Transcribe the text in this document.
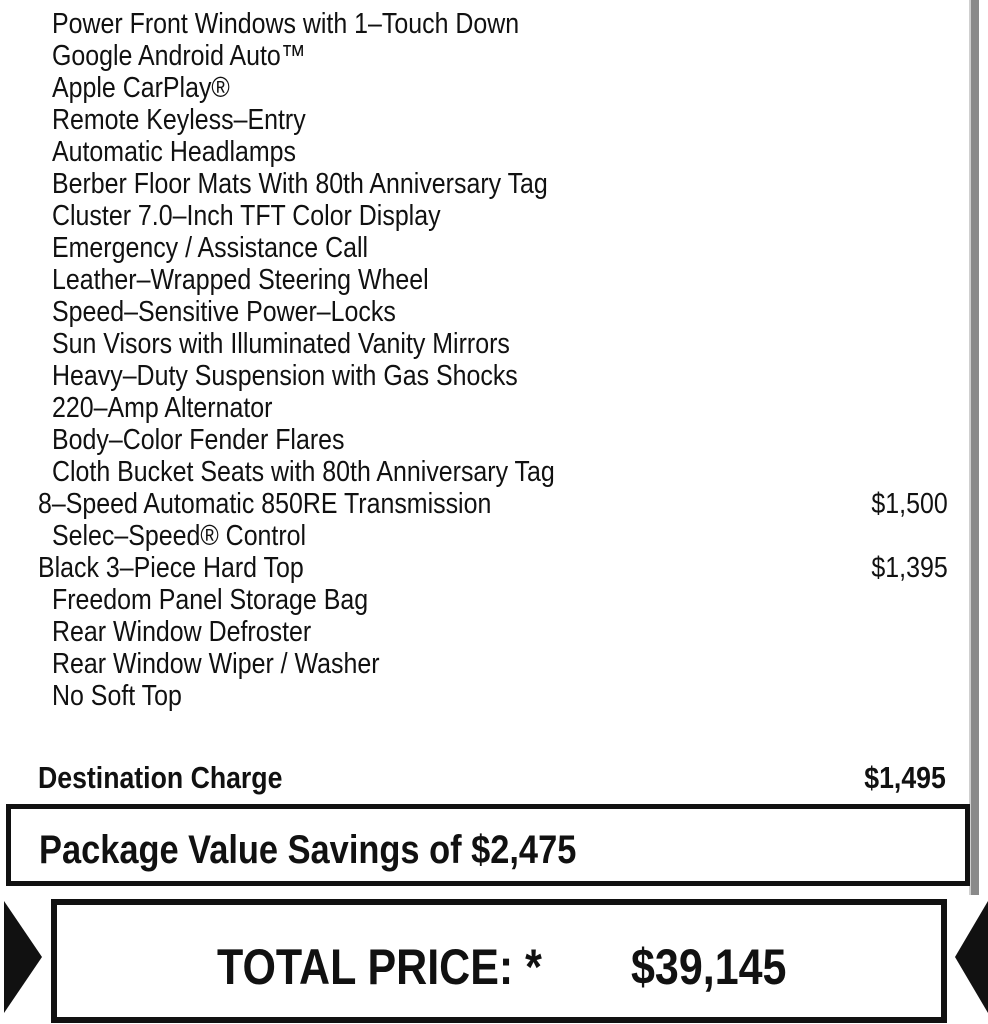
Power Front Windows with 1–Touch Down
Google Android Auto™
Apple CarPlay®
Remote Keyless–Entry
Automatic Headlamps
Berber Floor Mats With 80th Anniversary Tag
Cluster 7.0–Inch TFT Color Display
Emergency / Assistance Call
Leather–Wrapped Steering Wheel
Speed–Sensitive Power–Locks
Sun Visors with Illuminated Vanity Mirrors
Heavy–Duty Suspension with Gas Shocks
220–Amp Alternator
Body–Color Fender Flares
Cloth Bucket Seats with 80th Anniversary Tag
8–Speed Automatic 850RE Transmission	$1,500
Selec–Speed® Control
Black 3–Piece Hard Top	$1,395
Freedom Panel Storage Bag
Rear Window Defroster
Rear Window Wiper / Washer
No Soft Top
Destination Charge	$1,495
Package Value Savings of $2,475
TOTAL PRICE: * $39,145
